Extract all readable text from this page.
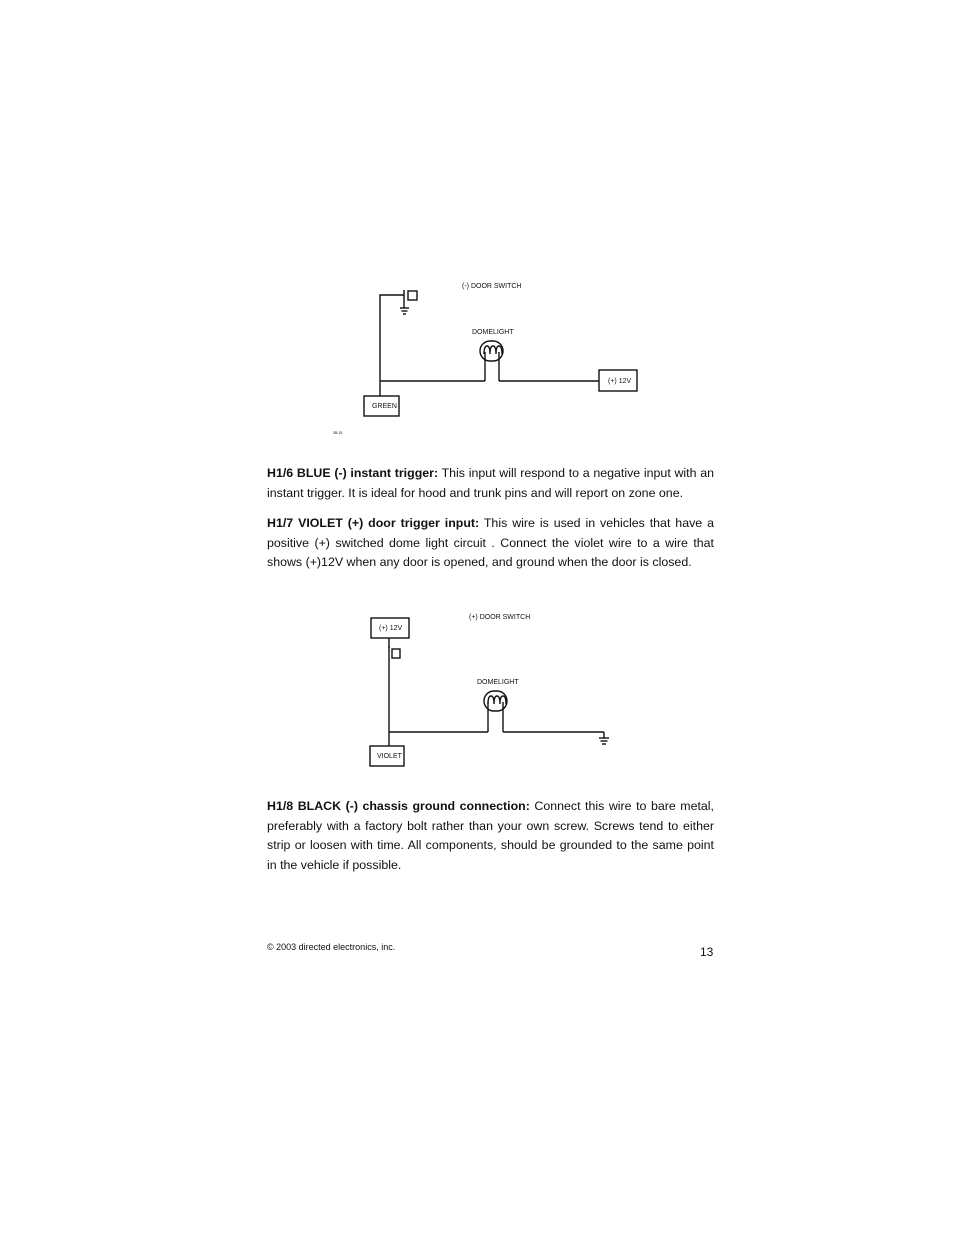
(-) DOOR SWITCH
DOMELIGHT
(+) 12V
GREEN
3B-15

H1/6 BLUE (-) instant trigger: This input will respond to a negative input with an instant trigger. It is ideal for hood and trunk pins and will report on zone one.

H1/7 VIOLET (+) door trigger input: This wire is used in vehicles that have a positive (+) switched dome light circuit . Connect the violet wire to a wire that shows (+)12V when any door is opened, and ground when the door is closed.

(+) DOOR SWITCH
(+) 12V
DOMELIGHT
VIOLET

H1/8 BLACK (-) chassis ground connection: Connect this wire to bare metal, preferably with a factory bolt rather than your own screw. Screws tend to either strip or loosen with time. All components, should be grounded to the same point in the vehicle if possible.

© 2003 directed electronics, inc.	13
